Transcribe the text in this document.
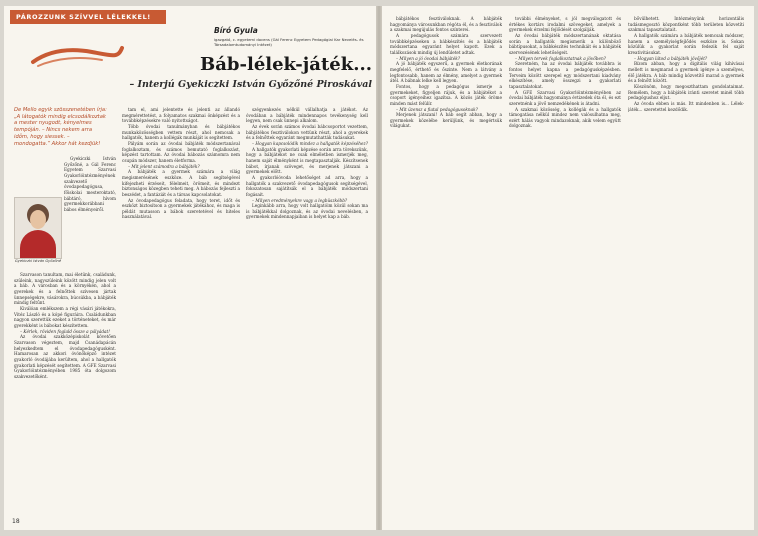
PÁROZZUNK SZÍVVEL LÉLEKKEL!
Bíró Gyula
igazgató, c. egyetemi docens (Gál Ferenc Egyetem Pedagógiai Kar Nevelés- és Társadalomtudományi Intézet)
Báb-lélek-játék...
– Interjú Gyekiczki István Győzőné Piroskával
De Mello egyik szösszenetében írja: „A látogatók mindig elcsodálkoztak a mester nyugodt, kényelmes tempóján. – Nincs nekem arra időm, hogy siessek. – mondogatta.” Akkor hát kezdjük!
Gyekiczki István Győzőné

Gyekiczki István Győzőné, a Gál Ferenc Egyetem Szarvasi Gyakorlóintézményének szakvezető óvodapedagógusa, főiskolai mesteroktató, bábtáró, hívom gyermekkorábbani bábos élményeiről.

Szarvason tanultam, mai életünk, családunk, szüleink, nagyszüleink között mindig jelen volt a báb. A városban és a környékén, ahol a gyerekek és a felnőttek szívesen jártak ünnepségekre, vásárokra, búcsúkba, a bábjáték mindig feltűnt.

Kiválóan emlékszem a régi vásári játékokra, Vitéz László és a kópé figuráira. Családunkban nagyon szerettük ezeket a történeteket, és már gyerekként is bábokat készítettem.

– Kérlek, röviden foglald össze a pályádat!

Az óvodai szakközépiskolát követően Szarvason végeztem, majd Csanádapácán helyezkedtem el óvodapedagógusként. Hamarosan az akkori óvónőképző intézet gyakorló óvodájába kerültem, ahol a hallgatók gyakorlati képzését segítettem. A GFE Szarvasi Gyakorlóintézményében 1985 óta dolgozom szakvezetőként.

tam el, ami jelentette és jelenti az állandó megmérettetést, a folyamatos szakmai önképzést és a továbbképzésekre való nyitottságot.

Több óvodai tanulmányban és bábjátékos munkaközösségben vettem részt, ahol nemcsak a hallgatók, hanem a kollégák munkáját is segítettem.

Pályám során az óvodai bábjáték módszertanával foglalkoztam, és számos bemutató foglalkozást, képzést tartottam. Az óvodai bábozás számomra nem csupán módszer, hanem életforma.

– Mit jelent számodra a bábjáték?

A bábjáték a gyermek számára a világ megismerésének eszköze. A báb segítségével kifejezheti érzéseit, félelmeit, örömeit, és mindezt biztonságos közegben teheti meg. A bábozás fejleszti a beszédet, a fantáziát és a társas kapcsolatokat.

Az óvodapedagógus feladata, hogy teret, időt és eszközt biztosítson a gyermekek játékához, és maga is példát mutasson a bábok szeretetével és hiteles használatával.

szégyenkezés nélkül vállalhatja a játékot. Az óvodában a bábjáték mindennapos tevékenység kell legyen, nem csak ünnepi alkalom.

Az évek során számos óvodai bábcsoportot vezettem, bábjátékos fesztiválokon vettünk részt, ahol a gyerekek és a felnőttek egyaránt megmutathatták tudásukat.

– Hogyan kapcsolódik mindez a hallgatók képzéséhez?

A hallgatók gyakorlati képzése során arra törekszünk, hogy a bábjátékot ne csak elméletben ismerjék meg, hanem saját élményként is megtapasztalják. Készítsenek bábot, írjanak szöveget, és merjenek játszani a gyermekek előtt.

A gyakorlóóvoda lehetőséget ad arra, hogy a hallgatók a szakvezető óvodapedagógusok segítségével, fokozatosan sajátítsák el a bábjáték módszertani fogásait.

– Milyen eredményekre vagy a legbüszkébb?

Leginkább arra, hogy volt hallgatóim közül sokan ma is bábjátékkal dolgoznak, és az óvodai nevelésben, a gyermekek mindennapjaiban is helyet kap a báb.

18

bábjátékos fesztiváloknak. A bábjáték hagyománya városunkban régóta él, és a fesztiválok a szakmai megújulás fontos színterei.

A pedagógusok számára szervezett továbbképzéseken a bábkészítés és a bábjáték módszertana egyaránt helyet kapott. Ezek a találkozások mindig új lendületet adtak.

– Milyen a jó óvodai bábjáték?

A jó bábjáték egyszerű, a gyermek életkorának megfelelő, érthető és őszinte. Nem a látvány a legfontosabb, hanem az élmény, amelyet a gyermek átél. A bábnak lelke kell legyen.

Fontos, hogy a pedagógus ismerje a gyermekeket, figyeljen rájuk, és a bábjátékot a csoport igényeihez igazítsa. A közös játék öröme minden mást felülír.

– Mit üzensz a fiatal pedagógusoknak?

Merjenek játszani! A báb segít abban, hogy a gyermekek közelébe kerüljünk, és megértsük világukat.

további élményeket, s jól megválogatott és értékes kortárs irodalmi szövegeket, amelyek a gyermekek érzelmi fejlődését szolgálják.

Az óvodai bábjáték módszertanának oktatása során a hallgatók megismerik a különböző bábtípusokat, a bábkészítés technikáit és a bábjáték szervezésének lehetőségeit.

– Milyen tervek foglalkoztatnak a jövőben?

Szeretném, ha az óvodai bábjáték továbbra is fontos helyet kapna a pedagógusképzésben. Terveim között szerepel egy módszertani kiadvány elkészítése, amely összegzi a gyakorlati tapasztalatokat.

A GFE Szarvasi Gyakorlóintézményében az óvodai bábjáték hagyománya évtizedek óta él, és ezt szeretnénk a jövő nemzedékének is átadni.

A szakmai közösség, a kollégák és a hallgatók támogatása nélkül mindez nem valósulhatna meg, ezért hálás vagyok mindazoknak, akik velem együtt dolgoznak.

bővülhetett. Intézményünk horizontális tudásmegosztó központként több területen közvetíti szakmai tapasztalatait.

A hallgatók számára a bábjáték nemcsak módszer, hanem a személyiségfejlődés eszköze is. Sokan közülük a gyakorlat során fedezik fel saját kreativitásukat.

– Hogyan látod a bábjáték jövőjét?

Bízom abban, hogy a digitális világ kihívásai mellett is megmarad a gyermek igénye a személyes, élő játékra. A báb mindig közvetítő marad a gyermek és a felnőtt között.

Köszönöm, hogy megoszthattam gondolataimat. Remélem, hogy a bábjáték iránti szeretet minél több pedagógushoz eljut.

Az óvoda ebben is más. Itt mindenben is... Lélek-játék... szeretettel kezdődik.
